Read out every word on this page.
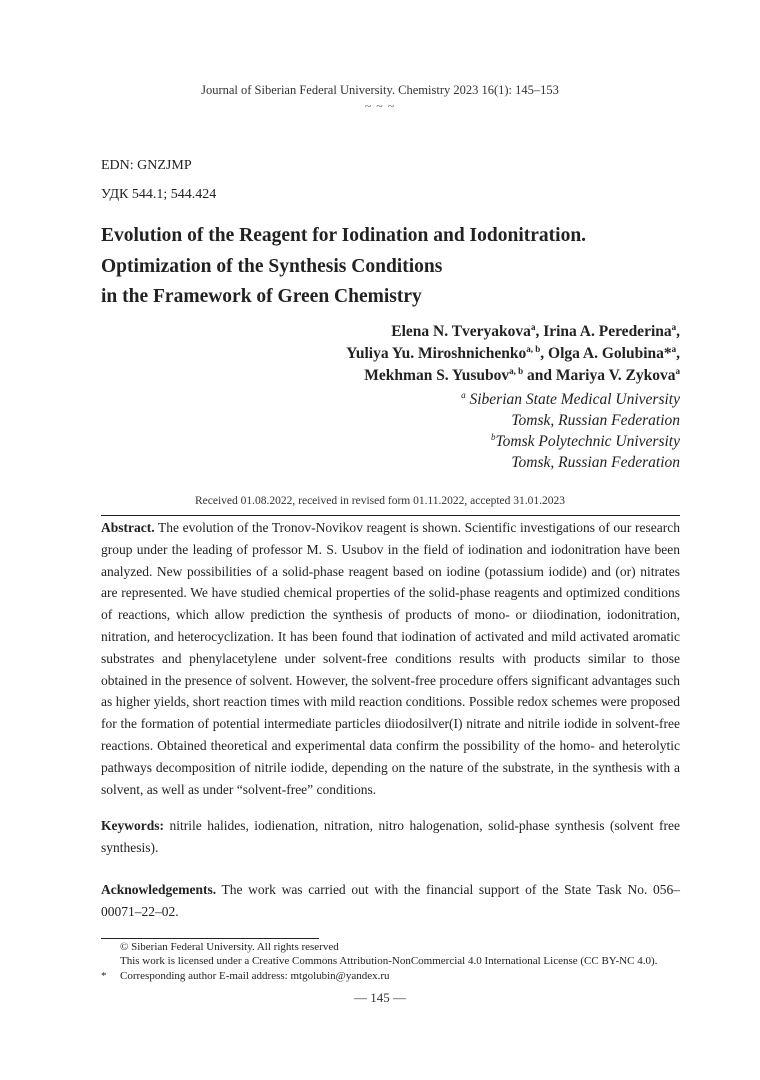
Journal of Siberian Federal University. Chemistry 2023 16(1): 145–153
~ ~ ~
EDN: GNZJMP
УДК 544.1; 544.424
Evolution of the Reagent for Iodination and Iodonitration.
Optimization of the Synthesis Conditions
in the Framework of Green Chemistry
Elena N. Tveryakova$^a$, Irina A. Perederina$^a$,
Yuliya Yu. Miroshnichenko$^{a, b}$, Olga A. Golubina*$^a$,
Mekhman S. Yusubov$^{a, b}$ and Mariya V. Zykova$^a$
$^a$ Siberian State Medical University
Tomsk, Russian Federation
$^b$Tomsk Polytechnic University
Tomsk, Russian Federation
Received 01.08.2022, received in revised form 01.11.2022, accepted 31.01.2023
Abstract. The evolution of the Tronov-Novikov reagent is shown. Scientific investigations of our research group under the leading of professor M. S. Usubov in the field of iodination and iodonitration have been analyzed. New possibilities of a solid-phase reagent based on iodine (potassium iodide) and (or) nitrates are represented. We have studied chemical properties of the solid-phase reagents and optimized conditions of reactions, which allow prediction the synthesis of products of mono- or diiodination, iodonitration, nitration, and heterocyclization. It has been found that iodination of activated and mild activated aromatic substrates and phenylacetylene under solvent-free conditions results with products similar to those obtained in the presence of solvent. However, the solvent-free procedure offers significant advantages such as higher yields, short reaction times with mild reaction conditions. Possible redox schemes were proposed for the formation of potential intermediate particles diiodosilver(I) nitrate and nitrile iodide in solvent-free reactions. Obtained theoretical and experimental data confirm the possibility of the homo- and heterolytic pathways decomposition of nitrile iodide, depending on the nature of the substrate, in the synthesis with a solvent, as well as under “solvent-free” conditions.
Keywords: nitrile halides, iodienation, nitration, nitro halogenation, solid-phase synthesis (solvent free synthesis).
Acknowledgements. The work was carried out with the financial support of the State Task No. 056–00071–22–02.
© Siberian Federal University. All rights reserved
This work is licensed under a Creative Commons Attribution-NonCommercial 4.0 International License (CC BY-NC 4.0).
* Corresponding author E-mail address: mtgolubin@yandex.ru
— 145 —
